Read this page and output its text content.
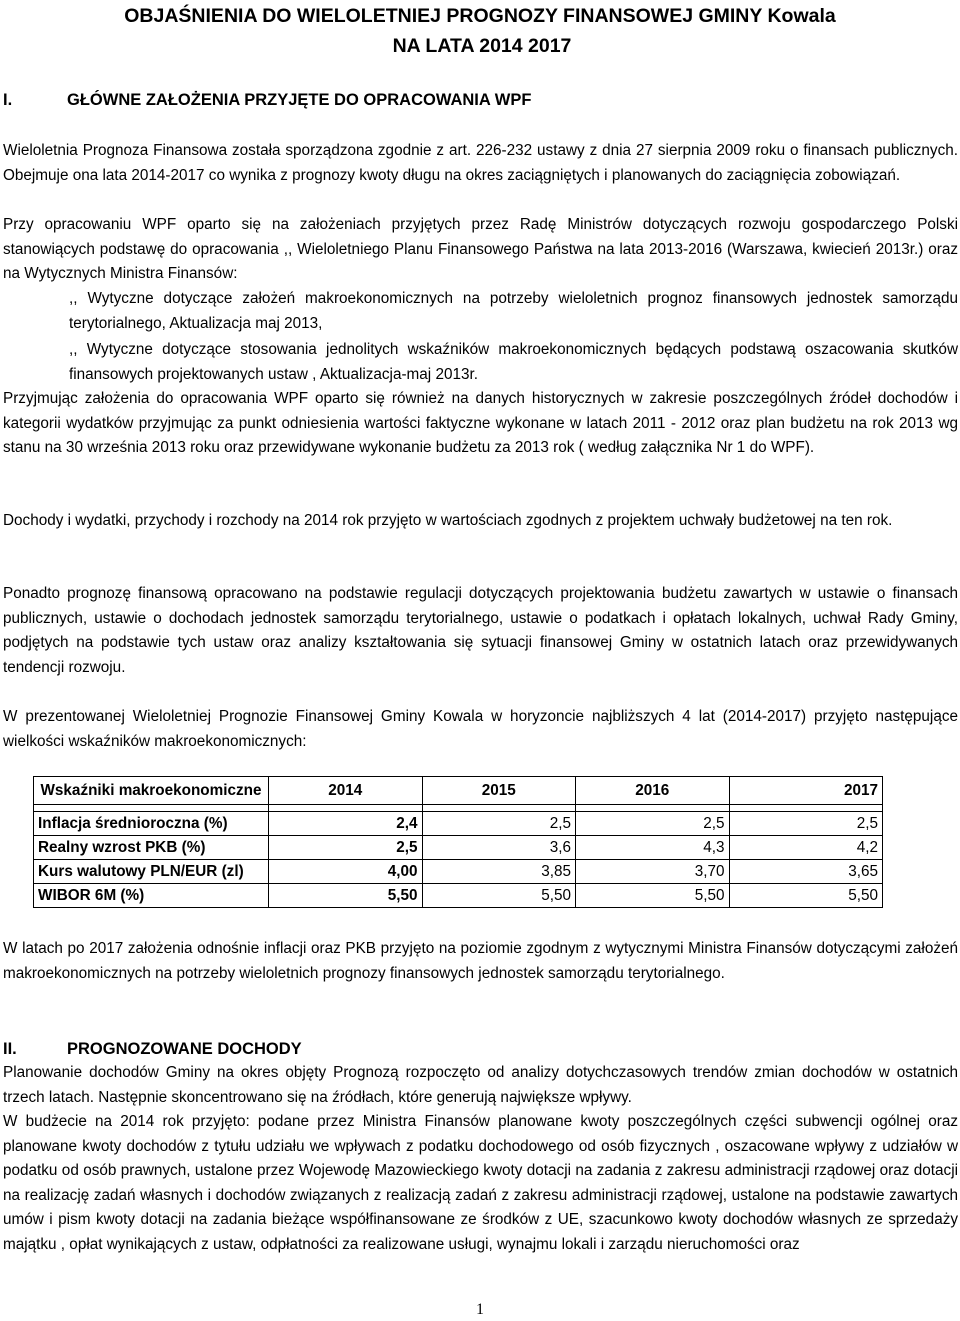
OBJAŚNIENIA DO WIELOLETNIEJ PROGNOZY FINANSOWEJ GMINY Kowala
NA LATA 2014 2017
I.	GŁÓWNE ZAŁOŻENIA PRZYJĘTE DO OPRACOWANIA WPF

Wieloletnia Prognoza Finansowa została sporządzona zgodnie z art. 226-232 ustawy z dnia 27 sierpnia 2009 roku o finansach publicznych. Obejmuje ona lata 2014-2017 co wynika z prognozy kwoty długu na okres zaciągniętych i planowanych do zaciągnięcia zobowiązań.

Przy opracowaniu WPF oparto się na założeniach przyjętych przez Radę Ministrów dotyczących rozwoju gospodarczego Polski stanowiących podstawę do opracowania ,, Wieloletniego Planu Finansowego Państwa na lata 2013-2016 (Warszawa, kwiecień 2013r.) oraz na Wytycznych Ministra Finansów:

,, Wytyczne dotyczące założeń makroekonomicznych na potrzeby wieloletnich prognoz finansowych jednostek samorządu terytorialnego, Aktualizacja maj 2013,
,, Wytyczne dotyczące stosowania jednolitych wskaźników makroekonomicznych będących podstawą oszacowania skutków finansowych projektowanych ustaw , Aktualizacja-maj 2013r.

Przyjmując założenia do opracowania WPF oparto się również na danych historycznych w zakresie poszczególnych źródeł dochodów i kategorii wydatków przyjmując za punkt odniesienia wartości faktyczne wykonane w latach 2011 - 2012 oraz plan budżetu na rok 2013 wg stanu na 30 września 2013 roku oraz przewidywane wykonanie budżetu za 2013 rok ( według załącznika Nr 1 do WPF).

Dochody i wydatki, przychody i rozchody na 2014 rok przyjęto w wartościach zgodnych z projektem uchwały budżetowej na ten rok.

Ponadto prognozę finansową opracowano na podstawie regulacji dotyczących projektowania budżetu zawartych w ustawie o finansach publicznych, ustawie o dochodach jednostek samorządu terytorialnego, ustawie o podatkach i opłatach lokalnych, uchwał Rady Gminy, podjętych na podstawie tych ustaw oraz analizy kształtowania się sytuacji finansowej Gminy w ostatnich latach oraz przewidywanych tendencji rozwoju.

W prezentowanej Wieloletniej Prognozie Finansowej Gminy Kowala w horyzoncie najbliższych 4 lat (2014-2017) przyjęto następujące wielkości wskaźników makroekonomicznych:

Wskaźniki makroekonomiczne	2014	2015	2016	2017

Inflacja średnioroczna (%)	2,4	2,5	2,5	2,5
Realny wzrost PKB (%)	2,5	3,6	4,3	4,2
Kurs walutowy PLN/EUR (zl)	4,00	3,85	3,70	3,65
WIBOR 6M (%)	5,50	5,50	5,50	5,50

W latach po 2017 założenia odnośnie inflacji oraz PKB przyjęto na poziomie zgodnym z wytycznymi Ministra Finansów dotyczącymi założeń makroekonomicznych na potrzeby wieloletnich prognozy finansowych jednostek samorządu terytorialnego.

II.	PROGNOZOWANE DOCHODY

Planowanie dochodów Gminy na okres objęty Prognozą rozpoczęto od analizy dotychczasowych trendów zmian dochodów w ostatnich trzech latach. Następnie skoncentrowano się na źródłach, które generują największe wpływy.

W budżecie na 2014 rok przyjęto: podane przez Ministra Finansów planowane kwoty poszczególnych części subwencji ogólnej oraz planowane kwoty dochodów z tytułu udziału we wpływach z podatku dochodowego od osób fizycznych , oszacowane wpływy z udziałów w podatku od osób prawnych, ustalone przez Wojewodę Mazowieckiego kwoty dotacji na zadania z zakresu administracji rządowej oraz dotacji na realizację zadań własnych i dochodów związanych z realizacją zadań z zakresu administracji rządowej, ustalone na podstawie zawartych umów i pism kwoty dotacji na zadania bieżące współfinansowane ze środków z UE, szacunkowo kwoty dochodów własnych ze sprzedaży majątku , opłat wynikających z ustaw, odpłatności za realizowane usługi, wynajmu lokali i zarządu nieruchomości oraz

1
